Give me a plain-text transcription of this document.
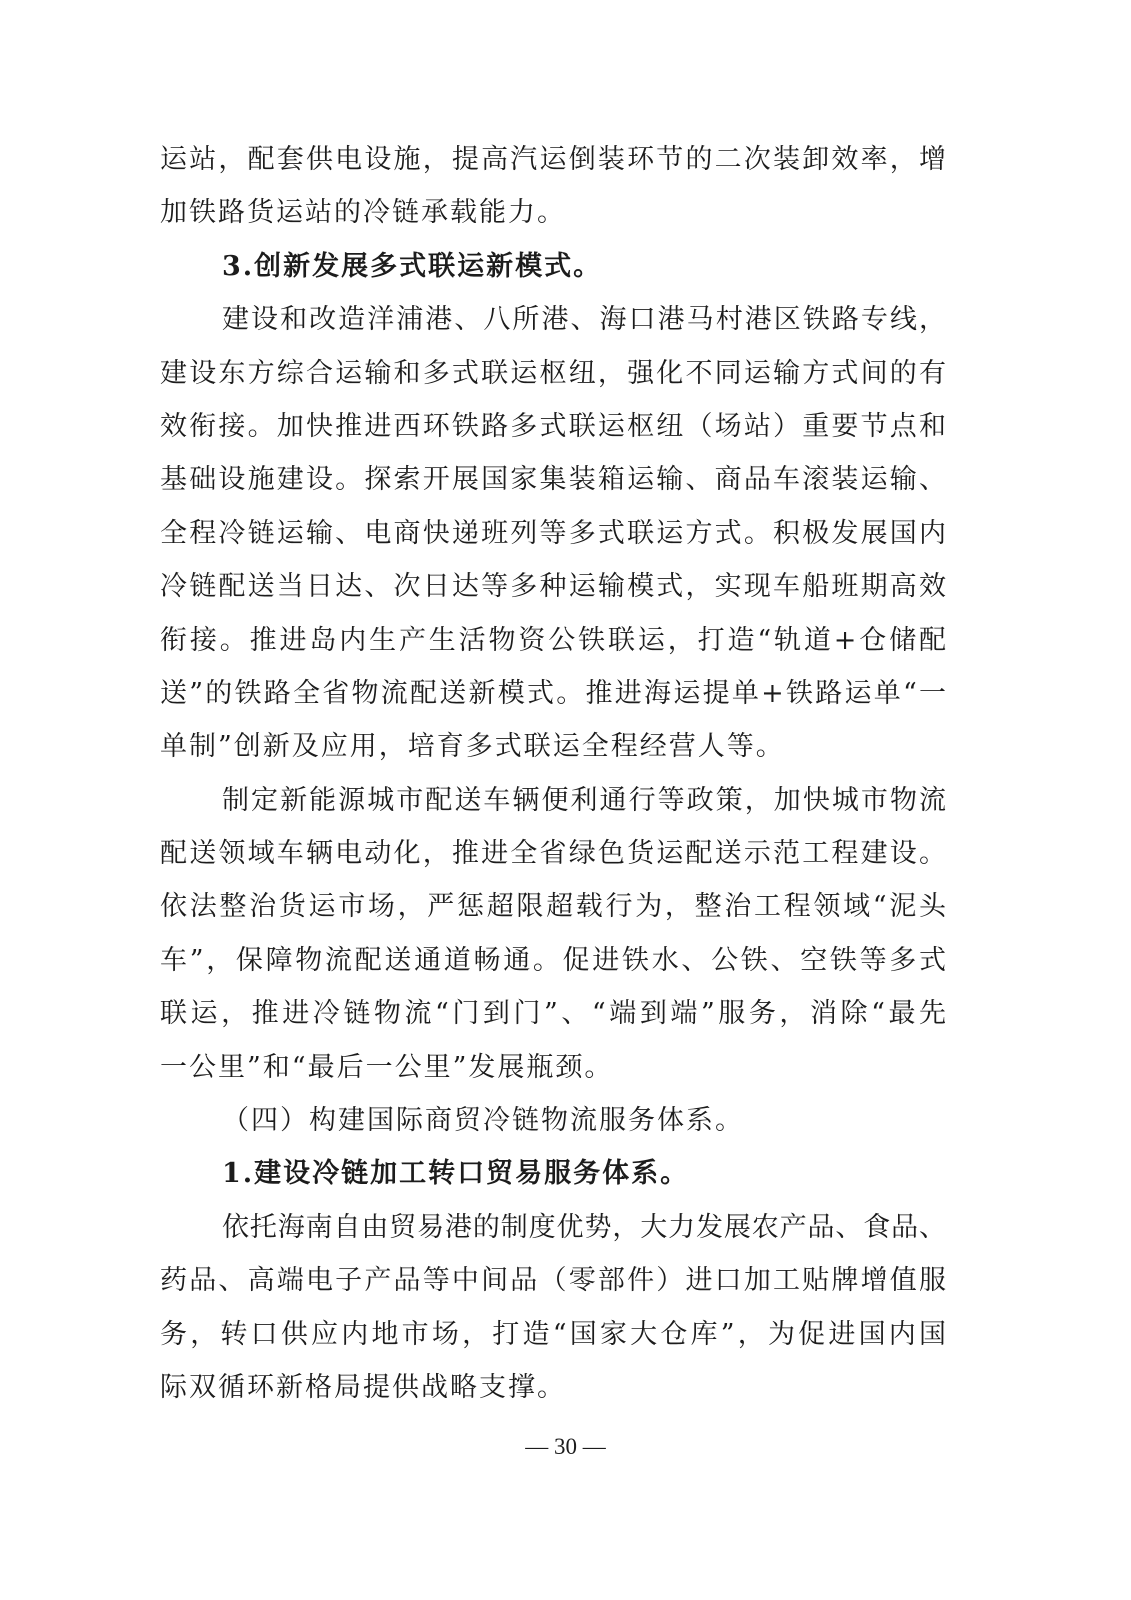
运站，配套供电设施，提高汽运倒装环节的二次装卸效率，增
加铁路货运站的冷链承载能力。
3.创新发展多式联运新模式。
建设和改造洋浦港、八所港、海口港马村港区铁路专线，
建设东方综合运输和多式联运枢纽，强化不同运输方式间的有
效衔接。加快推进西环铁路多式联运枢纽（场站）重要节点和
基础设施建设。探索开展国家集装箱运输、商品车滚装运输、
全程冷链运输、电商快递班列等多式联运方式。积极发展国内
冷链配送当日达、次日达等多种运输模式，实现车船班期高效
衔接。推进岛内生产生活物资公铁联运，打造“轨道+仓储配
送”的铁路全省物流配送新模式。推进海运提单+铁路运单“一
单制”创新及应用，培育多式联运全程经营人等。
制定新能源城市配送车辆便利通行等政策，加快城市物流
配送领域车辆电动化，推进全省绿色货运配送示范工程建设。
依法整治货运市场，严惩超限超载行为，整治工程领域“泥头
车”，保障物流配送通道畅通。促进铁水、公铁、空铁等多式
联运，推进冷链物流“门到门”、“端到端”服务，消除“最先
一公里”和“最后一公里”发展瓶颈。
（四）构建国际商贸冷链物流服务体系。
1.建设冷链加工转口贸易服务体系。
依托海南自由贸易港的制度优势，大力发展农产品、食品、
药品、高端电子产品等中间品（零部件）进口加工贴牌增值服
务，转口供应内地市场，打造“国家大仓库”，为促进国内国
际双循环新格局提供战略支撑。
— 30 —
